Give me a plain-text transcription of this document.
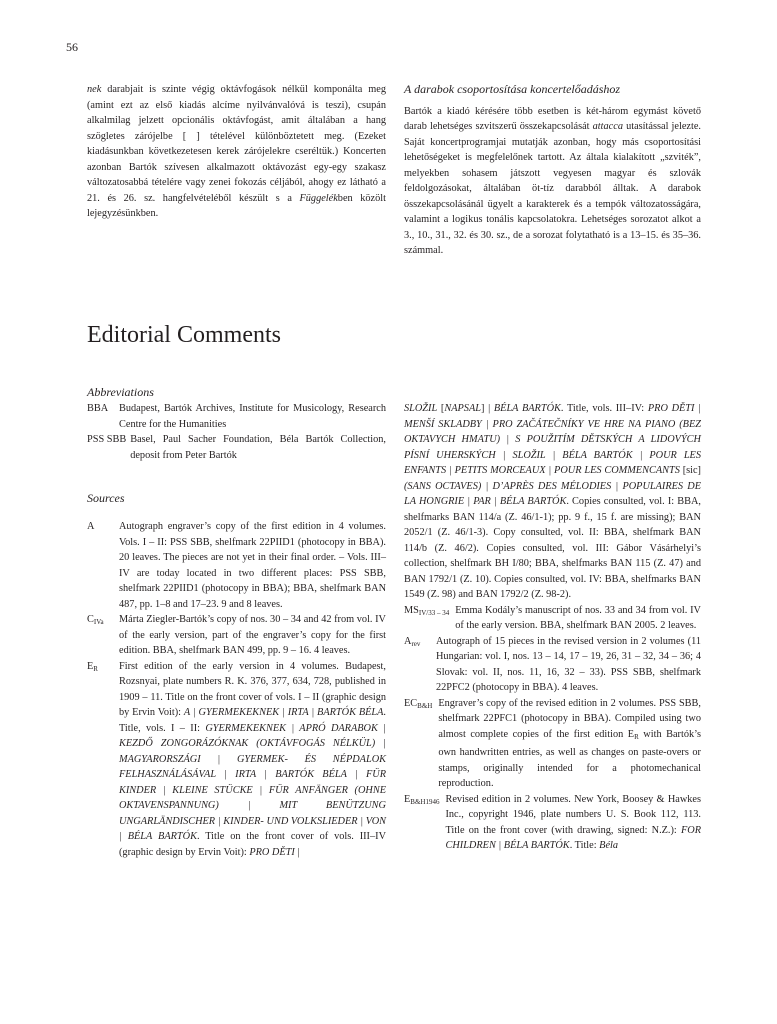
56

nek darabjait is szinte végig oktávfogások nélkül komponálta meg (amint ezt az első kiadás alcíme nyilvánvalóvá is teszi), csupán alkalmilag jelzett opcionális oktávfogást, amit általában a hang szögletes zárójelbe [ ] tételével különböztetett meg. (Ezeket kiadásunkban következetesen kerek zárójelekre cseréltük.) Koncerten azonban Bartók szívesen alkalmazott oktávozást egy-egy szakasz változatosabbá tételére vagy zenei fokozás céljából, ahogy ez látható a 21. és 26. sz. hangfelvételéből készült s a Függelékben közölt lejegyzésünkben.

A darabok csoportosítása koncertelőadáshoz

Bartók a kiadó kérésére több esetben is két-három egymást követő darab lehetséges szvitszerű összekapcsolását attacca utasítással jelezte. Saját koncertprogramjai mutatják azonban, hogy más csoportosítási lehetőségeket is megfelelőnek tartott. Az általa kialakított „szviték”, melyekben sohasem játszott vegyesen magyar és szlovák feldolgozásokat, általában öt-tíz darabból álltak. A darabok összekapcsolásánál ügyelt a karakterek és a tempók változatosságára, valamint a logikus tonális kapcsolatokra. Lehetséges sorozatot alkot a 3., 10., 31., 32. és 30. sz., de a sorozat folytatható is a 13–15. és 35–36. számmal.

Editorial Comments
Abbreviations
BBA	Budapest, Bartók Archives, Institute for Musicology, Research Centre for the Humanities
PSS SBB Basel, Paul Sacher Foundation, Béla Bartók Collection, deposit from Peter Bartók
Sources
A	Autograph engraver’s copy of the first edition in 4 volumes. Vols. I – II: PSS SBB, shelfmark 22PIID1 (photocopy in BBA). 20 leaves. The pieces are not yet in their final order. – Vols. III–IV are today located in two different places: PSS SBB, shelfmark 22PIID1 (photocopy in BBA); BBA, shelfmark BAN 487, pp. 1–8 and 17–23. 9 and 8 leaves.
$C_{IVa}$	Márta Ziegler-Bartók’s copy of nos. 30 – 34 and 42 from vol. IV of the early version, part of the engraver’s copy for the first edition. BBA, shelfmark BAN 499, pp. 9 – 16. 4 leaves.
$E_R$	First edition of the early version in 4 volumes. Budapest, Rozsnyai, plate numbers R. K. 376, 377, 634, 728, published in 1909 – 11. Title on the front cover of vols. I – II (graphic design by Ervin Voit): A | GYERMEKEKNEK | IRTA | BARTÓK BÉLA. Title, vols. I – II: GYERMEKEKNEK | APRÓ DARABOK | KEZDŐ ZONGORÁZÓKNAK (OKTÁVFOGÁS NÉLKÜL) | MAGYARORSZÁGI | GYERMEK- ÉS NÉPDALOK FELHASZNÁLÁSÁVAL | IRTA | BARTÓK BÉLA | FÜR KINDER | KLEINE STÜCKE | FÜR ANFÄNGER (OHNE OKTAVENSPANNUNG) | MIT BENÜTZUNG UNGARLÄNDISCHER | KINDER- UND VOLKSLIEDER | VON | BÉLA BARTÓK. Title on the front cover of vols. III–IV (graphic design by Ervin Voit): PRO DĚTI |
SLOŽIL [NAPSAL] | BÉLA BARTÓK. Title, vols. III–IV: PRO DĚTI | MENŠÍ SKLADBY | PRO ZAČÁTEČNÍKY VE HRE NA PIANO (BEZ OKTAVYCH HMATU) | S POUŽITÍM DĚTSKÝCH A LIDOVÝCH PÍSNÍ UHERSKÝCH | SLOŽIL | BÉLA BARTÓK | POUR LES ENFANTS | PETITS MORCEAUX | POUR LES COMMENCANTS [sic] (SANS OCTAVES) | D’APRÈS DES MÉLODIES | POPULAIRES DE LA HONGRIE | PAR | BÉLA BARTÓK. Copies consulted, vol. I: BBA, shelfmarks BAN 114/a (Z. 46/1-1); pp. 9 f., 15 f. are missing); BAN 2052/1 (Z. 46/1-3). Copy consulted, vol. II: BBA, shelfmark BAN 114/b (Z. 46/2). Copies consulted, vol. III: Gábor Vásárhelyi’s collection, shelfmark BH I/80; BBA, shelfmarks BAN 115 (Z. 47) and BAN 1792/1 (Z. 10). Copies consulted, vol. IV: BBA, shelfmarks BAN 1549 (Z. 98) and BAN 1792/2 (Z. 98-2).
$MS_{IV/33 - 34}$ Emma Kodály’s manuscript of nos. 33 and 34 from vol. IV of the early version. BBA, shelfmark BAN 2005. 2 leaves.
$A_{rev}$	Autograph of 15 pieces in the revised version in 2 volumes (11 Hungarian: vol. I, nos. 13 – 14, 17 – 19, 26, 31 – 32, 34 – 36; 4 Slovak: vol. II, nos. 11, 16, 32 – 33). PSS SBB, shelfmark 22PFC2 (photocopy in BBA). 4 leaves.
$EC_{B\&H}$ Engraver’s copy of the revised edition in 2 volumes. PSS SBB, shelfmark 22PFC1 (photocopy in BBA). Compiled using two almost complete copies of the first edition $E_R$ with Bartók’s own handwritten entries, as well as changes on paste-overs or stamps, originally intended for a photomechanical reproduction.
$E_{B\&H1946}$ Revised edition in 2 volumes. New York, Boosey & Hawkes Inc., copyright 1946, plate numbers U. S. Book 112, 113. Title on the front cover (with drawing, signed: N.Z.): FOR CHILDREN | BÉLA BARTÓK. Title: Béla
